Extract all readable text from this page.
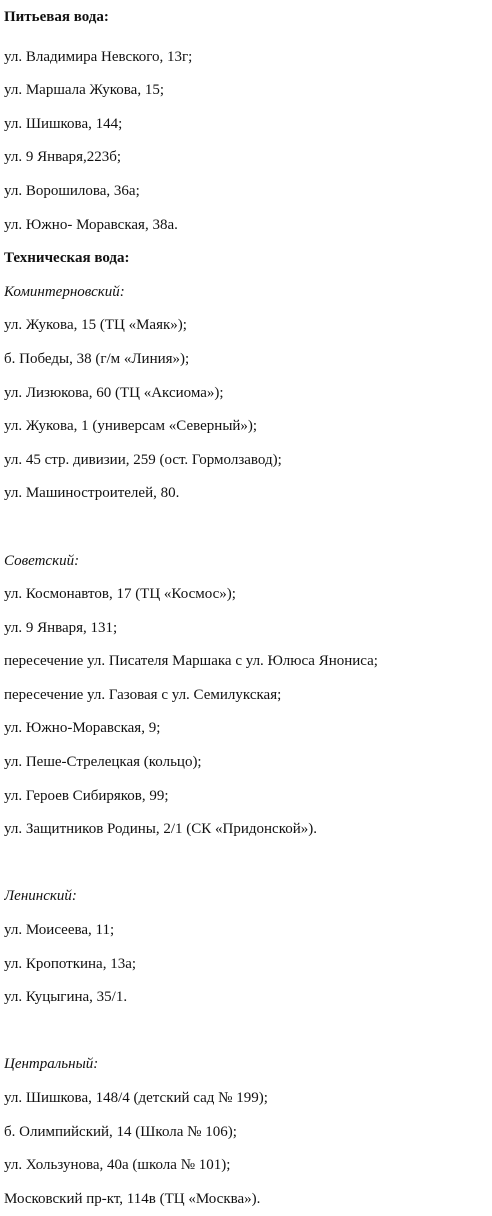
Питьевая вода:
ул. Владимира Невского, 13г;
ул. Маршала Жукова, 15;
ул. Шишкова, 144;
ул. 9 Января,223б;
ул. Ворошилова, 36а;
ул. Южно- Моравская, 38а.
Техническая вода:
Коминтерновский:
ул. Жукова, 15 (ТЦ «Маяк»);
б. Победы, 38 (г/м «Линия»);
ул. Лизюкова, 60 (ТЦ «Аксиома»);
ул. Жукова, 1 (универсам «Северный»);
ул. 45 стр. дивизии, 259 (ост. Гормолзавод);
ул. Машиностроителей, 80.
Советский:
ул. Космонавтов, 17 (ТЦ «Космос»);
ул. 9 Января, 131;
пересечение ул. Писателя Маршака с ул. Юлюса Янониса;
пересечение ул. Газовая с ул. Семилукская;
ул. Южно-Моравская, 9;
ул. Пеше-Стрелецкая (кольцо);
ул. Героев Сибиряков, 99;
ул. Защитников Родины, 2/1 (СК «Придонской»).
Ленинский:
ул. Моисеева, 11;
ул. Кропоткина, 13а;
ул. Куцыгина, 35/1.
Центральный:
ул. Шишкова, 148/4 (детский сад № 199);
б. Олимпийский, 14 (Школа № 106);
ул. Хользунова, 40а (школа № 101);
Московский пр-кт, 114в (ТЦ «Москва»).
